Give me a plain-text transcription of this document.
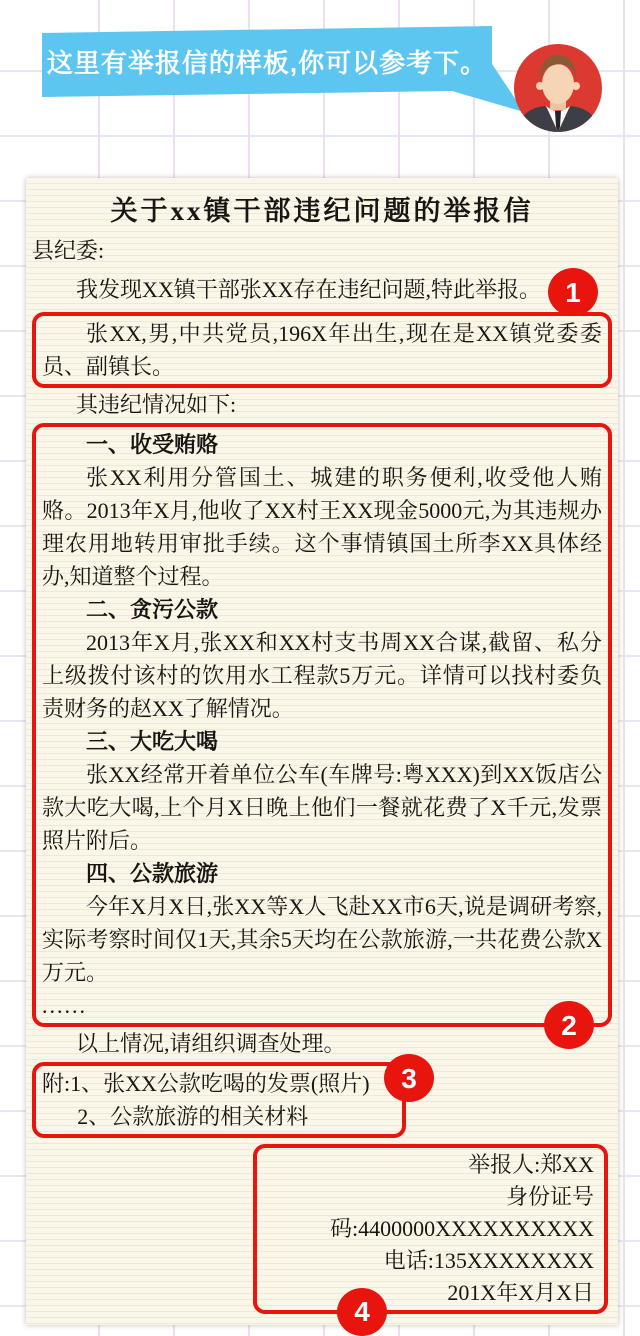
这里有举报信的样板,你可以参考下。
关于xx镇干部违纪问题的举报信

县纪委:

我发现XX镇干部张XX存在违纪问题,特此举报。 1

张XX,男,中共党员,196X年出生,现在是XX镇党委委员、副镇长。

其违纪情况如下:

2

一、收受贿赂

张XX利用分管国土、城建的职务便利,收受他人贿赂。2013年X月,他收了XX村王XX现金5000元,为其违规办理农用地转用审批手续。这个事情镇国土所李XX具体经办,知道整个过程。

二、贪污公款

2013年X月,张XX和XX村支书周XX合谋,截留、私分上级拨付该村的饮用水工程款5万元。详情可以找村委负责财务的赵XX了解情况。

三、大吃大喝

张XX经常开着单位公车(车牌号:粤XXX)到XX饭店公款大吃大喝,上个月X日晚上他们一餐就花费了X千元,发票照片附后。

四、公款旅游

今年X月X日,张XX等X人飞赴XX市6天,说是调研考察,实际考察时间仅1天,其余5天均在公款旅游,一共花费公款X万元。

......

以上情况,请组织调查处理。

3

附:1、张XX公款吃喝的发票(照片)

2、公款旅游的相关材料

4

举报人:郑XX

身份证号码:4400000XXXXXXXXXX

电话:135XXXXXXXX

201X年X月X日
